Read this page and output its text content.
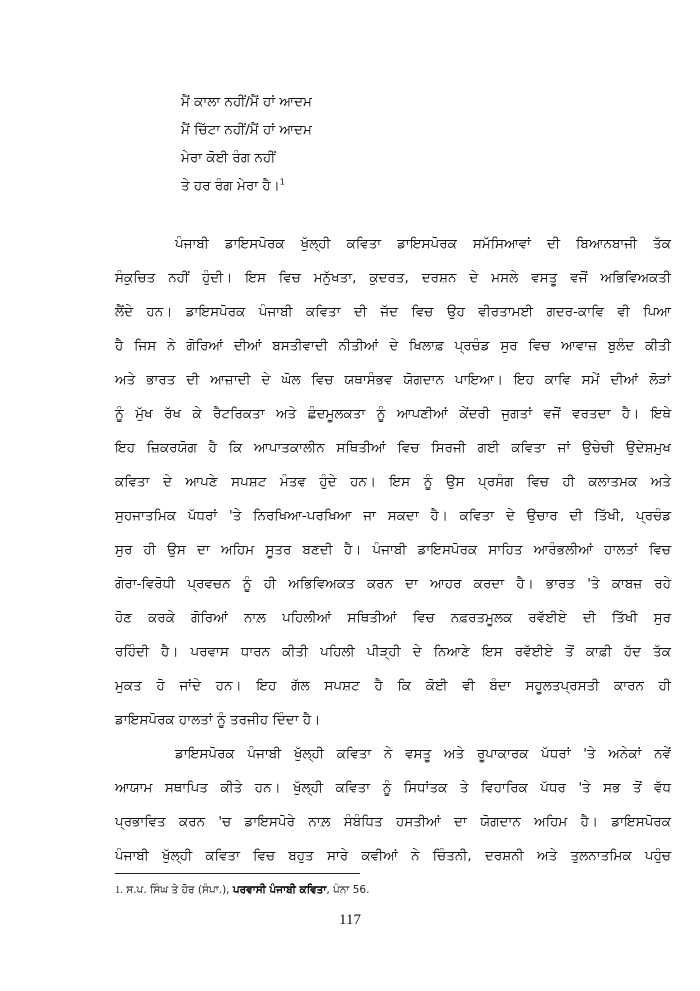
ਮੈਂ ਕਾਲਾ ਨਹੀਂ/ਮੈਂ ਹਾਂ ਆਦਮ
ਮੈਂ ਚਿੱਟਾ ਨਹੀਂ/ਮੈਂ ਹਾਂ ਆਦਮ
ਮੇਰਾ ਕੋਈ ਰੰਗ ਨਹੀਂ
ਤੇ ਹਰ ਰੰਗ ਮੇਰਾ ਹੈ।$^1$
ਪੰਜਾਬੀ ਡਾਇਸਪੋਰਕ ਖੁੱਲ੍ਹੀ ਕਵਿਤਾ ਡਾਇਸਪੋਰਕ ਸਮੱਸਿਆਵਾਂ ਦੀ ਬਿਆਨਬਾਜੀ ਤੱਕ
ਸੰਕੁਚਿਤ ਨਹੀਂ ਹੁੰਦੀ। ਇਸ ਵਿਚ ਮਨੁੱਖਤਾ, ਕੁਦਰਤ, ਦਰਸ਼ਨ ਦੇ ਮਸਲੇ ਵਸਤੂ ਵਜੋਂ ਅਭਿਵਿਅਕਤੀ
ਲੈਂਦੇ ਹਨ। ਡਾਇਸਪੋਰਕ ਪੰਜਾਬੀ ਕਵਿਤਾ ਦੀ ਜੱਦ ਵਿਚ ਉਹ ਵੀਰਤਾਮਈ ਗਦਰ-ਕਾਵਿ ਵੀ ਪਿਆ
ਹੈ ਜਿਸ ਨੇ ਗੋਰਿਆਂ ਦੀਆਂ ਬਸਤੀਵਾਦੀ ਨੀਤੀਆਂ ਦੇ ਖਿਲਾਫ਼ ਪ੍ਰਚੰਡ ਸੁਰ ਵਿਚ ਆਵਾਜ਼ ਬੁਲੰਦ ਕੀਤੀ
ਅਤੇ ਭਾਰਤ ਦੀ ਆਜ਼ਾਦੀ ਦੇ ਘੋਲ ਵਿਚ ਯਥਾਸੰਭਵ ਯੋਗਦਾਨ ਪਾਇਆ। ਇਹ ਕਾਵਿ ਸਮੇਂ ਦੀਆਂ ਲੋੜਾਂ
ਨੂੰ ਮੁੱਖ ਰੱਖ ਕੇ ਰੈਟਰਿਕਤਾ ਅਤੇ ਛੰਦਮੂਲਕਤਾ ਨੂੰ ਆਪਣੀਆਂ ਕੇਂਦਰੀ ਜੁਗਤਾਂ ਵਜੋਂ ਵਰਤਦਾ ਹੈ। ਇਥੇ
ਇਹ ਜ਼ਿਕਰਯੋਗ ਹੈ ਕਿ ਆਪਾਤਕਾਲੀਨ ਸਥਿਤੀਆਂ ਵਿਚ ਸਿਰਜੀ ਗਈ ਕਵਿਤਾ ਜਾਂ ਉਚੇਚੀ ਉਦੇਸ਼ਮੁਖ
ਕਵਿਤਾ ਦੇ ਆਪਣੇ ਸਪਸ਼ਟ ਮੰਤਵ ਹੁੰਦੇ ਹਨ। ਇਸ ਨੂੰ ਉਸ ਪ੍ਰਸੰਗ ਵਿਚ ਹੀ ਕਲਾਤਮਕ ਅਤੇ
ਸੁਹਜਾਤਮਿਕ ਪੱਧਰਾਂ 'ਤੇ ਨਿਰਖਿਆ-ਪਰਖਿਆ ਜਾ ਸਕਦਾ ਹੈ। ਕਵਿਤਾ ਦੇ ਉਚਾਰ ਦੀ ਤਿੱਖੀ, ਪ੍ਰਚੰਡ
ਸੁਰ ਹੀ ਉਸ ਦਾ ਅਹਿਮ ਸੂਤਰ ਬਣਦੀ ਹੈ। ਪੰਜਾਬੀ ਡਾਇਸਪੋਰਕ ਸਾਹਿਤ ਆਰੰਭਲੀਆਂ ਹਾਲਤਾਂ ਵਿਚ
ਗੋਰਾ-ਵਿਰੋਧੀ ਪ੍ਰਵਚਨ ਨੂੰ ਹੀ ਅਭਿਵਿਅਕਤ ਕਰਨ ਦਾ ਆਹਰ ਕਰਦਾ ਹੈ। ਭਾਰਤ 'ਤੇ ਕਾਬਜ਼ ਰਹੇ
ਹੋਣ ਕਰਕੇ ਗੋਰਿਆਂ ਨਾਲ਼ ਪਹਿਲੀਆਂ ਸਥਿਤੀਆਂ ਵਿਚ ਨਫ਼ਰਤਮੂਲਕ ਰਵੱਈਏ ਦੀ ਤਿੱਖੀ ਸੁਰ
ਰਹਿੰਦੀ ਹੈ। ਪਰਵਾਸ ਧਾਰਨ ਕੀਤੀ ਪਹਿਲੀ ਪੀੜ੍ਹੀ ਦੇ ਨਿਆਣੇ ਇਸ ਰਵੱਈਏ ਤੋਂ ਕਾਫ਼ੀ ਹੱਦ ਤੱਕ
ਮੁਕਤ ਹੋ ਜਾਂਦੇ ਹਨ। ਇਹ ਗੱਲ ਸਪਸ਼ਟ ਹੈ ਕਿ ਕੋਈ ਵੀ ਬੰਦਾ ਸਹੂਲਤਪ੍ਰਸਤੀ ਕਾਰਨ ਹੀ
ਡਾਇਸਪੋਰਕ ਹਾਲਤਾਂ ਨੂੰ ਤਰਜੀਹ ਦਿੰਦਾ ਹੈ।
ਡਾਇਸਪੋਰਕ ਪੰਜਾਬੀ ਖੁੱਲ੍ਹੀ ਕਵਿਤਾ ਨੇ ਵਸਤੂ ਅਤੇ ਰੂਪਾਕਾਰਕ ਪੱਧਰਾਂ 'ਤੇ ਅਨੇਕਾਂ ਨਵੇਂ
ਆਯਾਮ ਸਥਾਪਿਤ ਕੀਤੇ ਹਨ। ਖੁੱਲ੍ਹੀ ਕਵਿਤਾ ਨੂੰ ਸਿਧਾਂਤਕ ਤੇ ਵਿਹਾਰਿਕ ਪੱਧਰ 'ਤੇ ਸਭ ਤੋਂ ਵੱਧ
ਪ੍ਰਭਾਵਿਤ ਕਰਨ 'ਚ ਡਾਇਸਪੋਰੇ ਨਾਲ਼ ਸੰਬੰਧਿਤ ਹਸਤੀਆਂ ਦਾ ਯੋਗਦਾਨ ਅਹਿਮ ਹੈ। ਡਾਇਸਪੋਰਕ
ਪੰਜਾਬੀ ਖੁੱਲ੍ਹੀ ਕਵਿਤਾ ਵਿਚ ਬਹੁਤ ਸਾਰੇ ਕਵੀਆਂ ਨੇ ਚਿੰਤਨੀ, ਦਰਸ਼ਨੀ ਅਤੇ ਤੁਲਨਾਤਮਿਕ ਪਹੁੰਚ
1. ਸ.ਪ. ਸਿੰਘ ਤੇ ਹੋਰ (ਸੰਪਾ.), ਪਰਵਾਸੀ ਪੰਜਾਬੀ ਕਵਿਤਾ, ਪੰਨਾ 56.
117
